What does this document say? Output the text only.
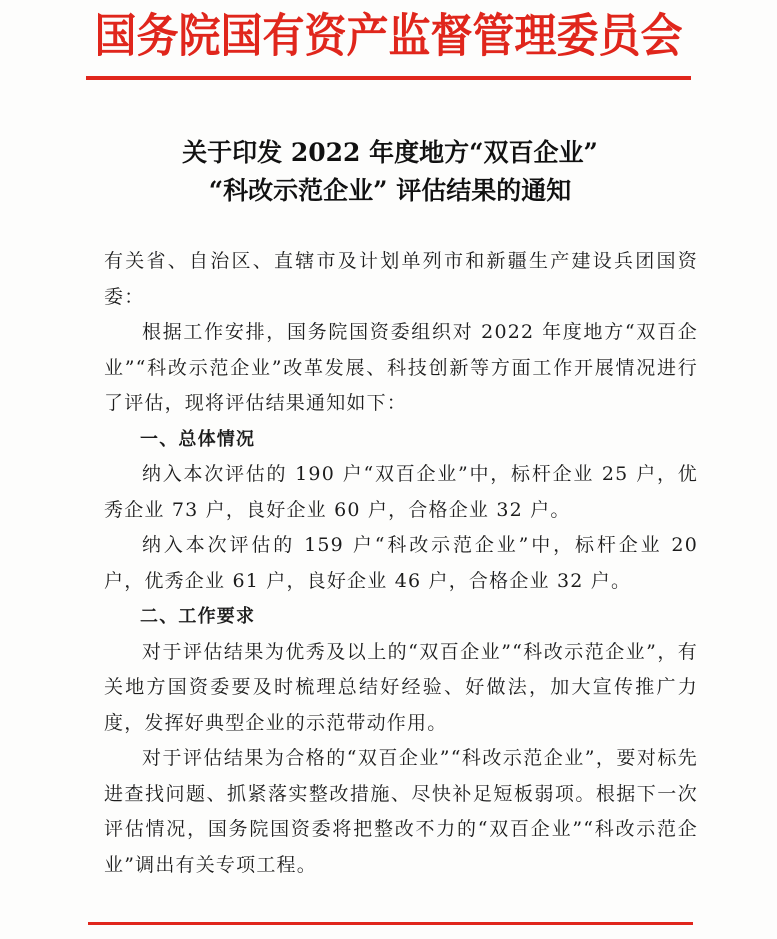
国务院国有资产监督管理委员会
关于印发 2022 年度地方“双百企业”
“科改示范企业” 评估结果的通知

有关省、自治区、直辖市及计划单列市和新疆生产建设兵团国资委：

根据工作安排，国务院国资委组织对 2022 年度地方“双百企业”“科改示范企业”改革发展、科技创新等方面工作开展情况进行了评估，现将评估结果通知如下：

一、总体情况

纳入本次评估的 190 户“双百企业”中，标杆企业 25 户，优秀企业 73 户，良好企业 60 户，合格企业 32 户。

纳入本次评估的 159 户“科改示范企业”中，标杆企业 20 户，优秀企业 61 户，良好企业 46 户，合格企业 32 户。

二、工作要求

对于评估结果为优秀及以上的“双百企业”“科改示范企业”，有关地方国资委要及时梳理总结好经验、好做法，加大宣传推广力度，发挥好典型企业的示范带动作用。

对于评估结果为合格的“双百企业”“科改示范企业”，要对标先进查找问题、抓紧落实整改措施、尽快补足短板弱项。根据下一次评估情况，国务院国资委将把整改不力的“双百企业”“科改示范企业”调出有关专项工程。
